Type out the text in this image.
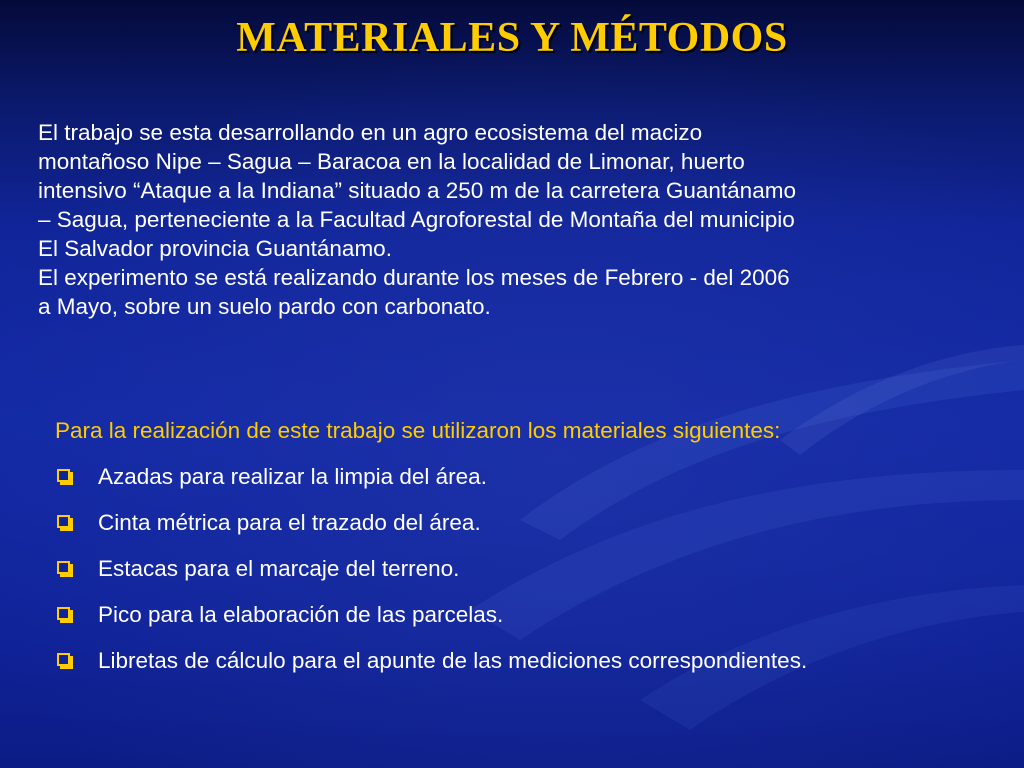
MATERIALES Y MÉTODOS

El trabajo se esta desarrollando en un agro ecosistema del macizo
montañoso Nipe – Sagua – Baracoa en la localidad de Limonar, huerto
intensivo “Ataque a la Indiana” situado a 250 m de la carretera Guantánamo
– Sagua, perteneciente a la Facultad Agroforestal de Montaña del municipio
El Salvador provincia Guantánamo.

El experimento se está realizando durante los meses de Febrero - del 2006
a Mayo, sobre un suelo pardo con carbonato.

Para la realización de este trabajo se utilizaron los materiales siguientes:

Azadas para realizar la limpia del área.
Cinta métrica para el trazado del área.
Estacas para el marcaje del terreno.
Pico para la elaboración de las parcelas.
Libretas de cálculo para el apunte de las mediciones correspondientes.
